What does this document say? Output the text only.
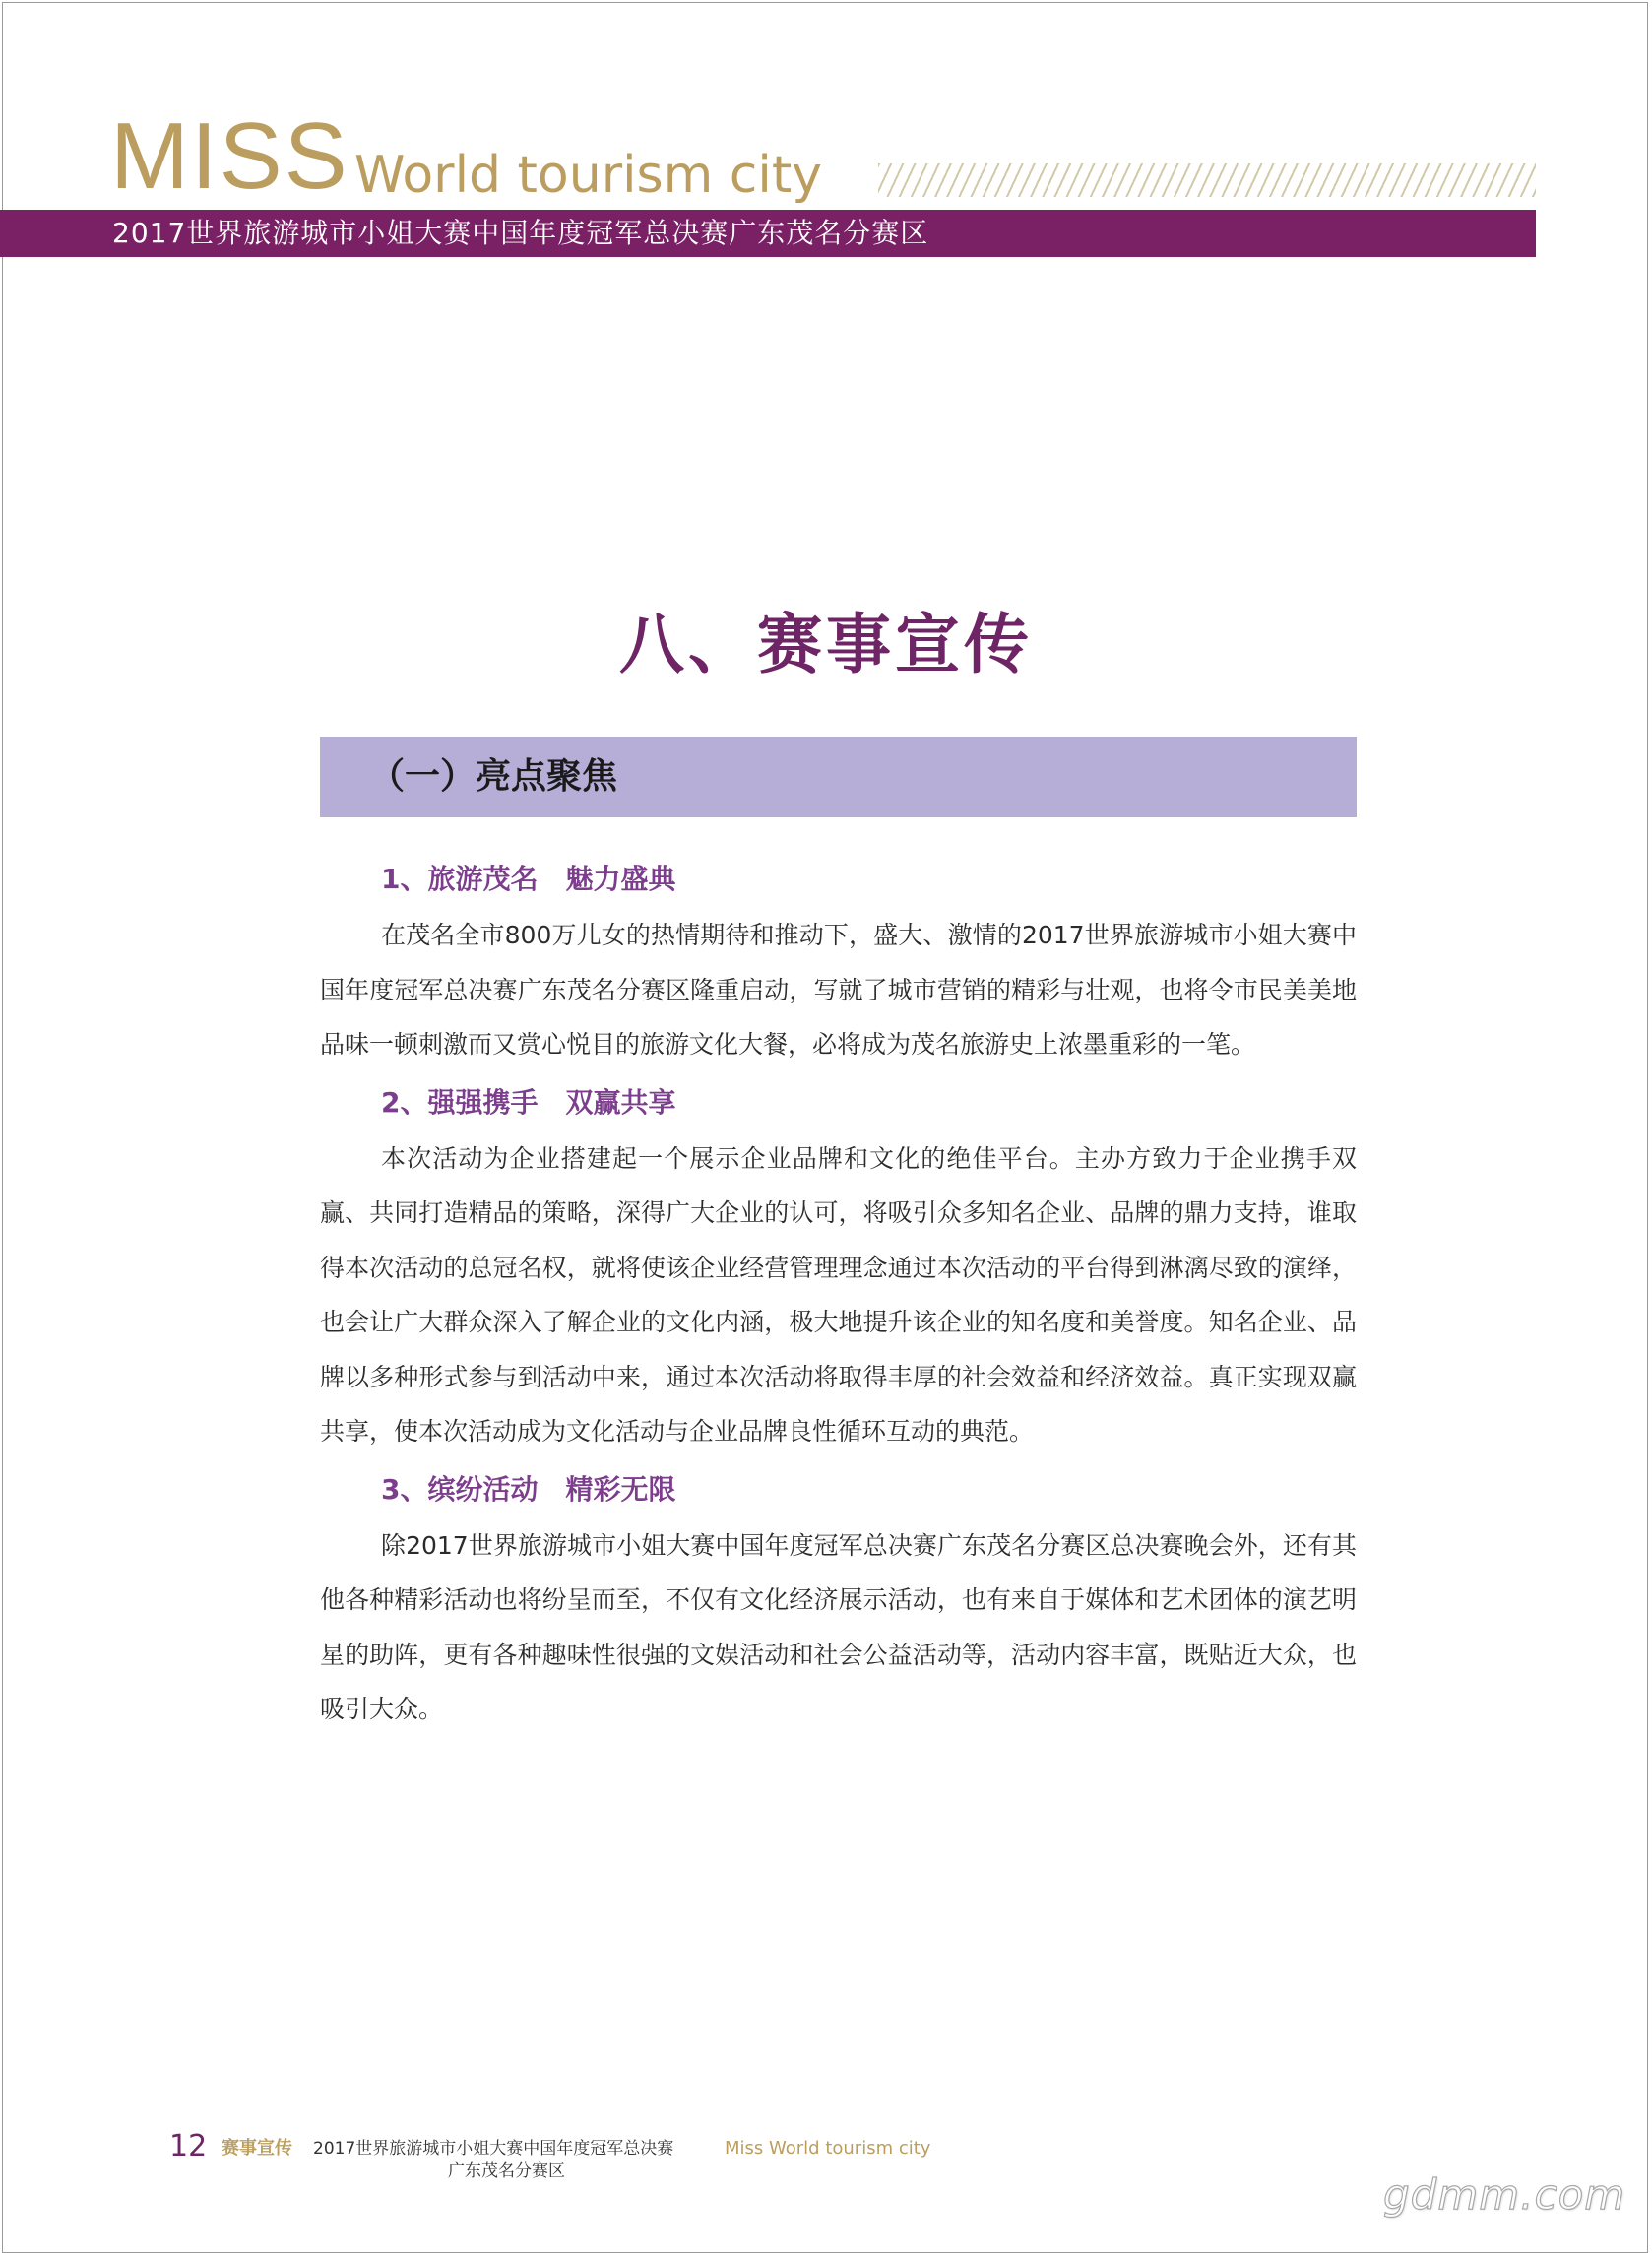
MISS World tourism city
2017世界旅游城市小姐大赛中国年度冠军总决赛广东茂名分赛区
八、赛事宣传
（一）亮点聚焦
1、旅游茂名　魅力盛典

在茂名全市800万儿女的热情期待和推动下，盛大、激情的2017世界旅游城市小姐大赛中国年度冠军总决赛广东茂名分赛区隆重启动，写就了城市营销的精彩与壮观，也将令市民美美地品味一顿刺激而又赏心悦目的旅游文化大餐，必将成为茂名旅游史上浓墨重彩的一笔。

2、强强携手　双赢共享

本次活动为企业搭建起一个展示企业品牌和文化的绝佳平台。主办方致力于企业携手双赢、共同打造精品的策略，深得广大企业的认可，将吸引众多知名企业、品牌的鼎力支持，谁取得本次活动的总冠名权，就将使该企业经营管理理念通过本次活动的平台得到淋漓尽致的演绎，也会让广大群众深入了解企业的文化内涵，极大地提升该企业的知名度和美誉度。知名企业、品牌以多种形式参与到活动中来，通过本次活动将取得丰厚的社会效益和经济效益。真正实现双赢共享，使本次活动成为文化活动与企业品牌良性循环互动的典范。

3、缤纷活动　精彩无限

除2017世界旅游城市小姐大赛中国年度冠军总决赛广东茂名分赛区总决赛晚会外，还有其他各种精彩活动也将纷呈而至，不仅有文化经济展示活动，也有来自于媒体和艺术团体的演艺明星的助阵，更有各种趣味性很强的文娱活动和社会公益活动等，活动内容丰富，既贴近大众，也吸引大众。

12 赛事宣传 2017世界旅游城市小姐大赛中国年度冠军总决赛
广东茂名分赛区
Miss World tourism city
gdmm.com
